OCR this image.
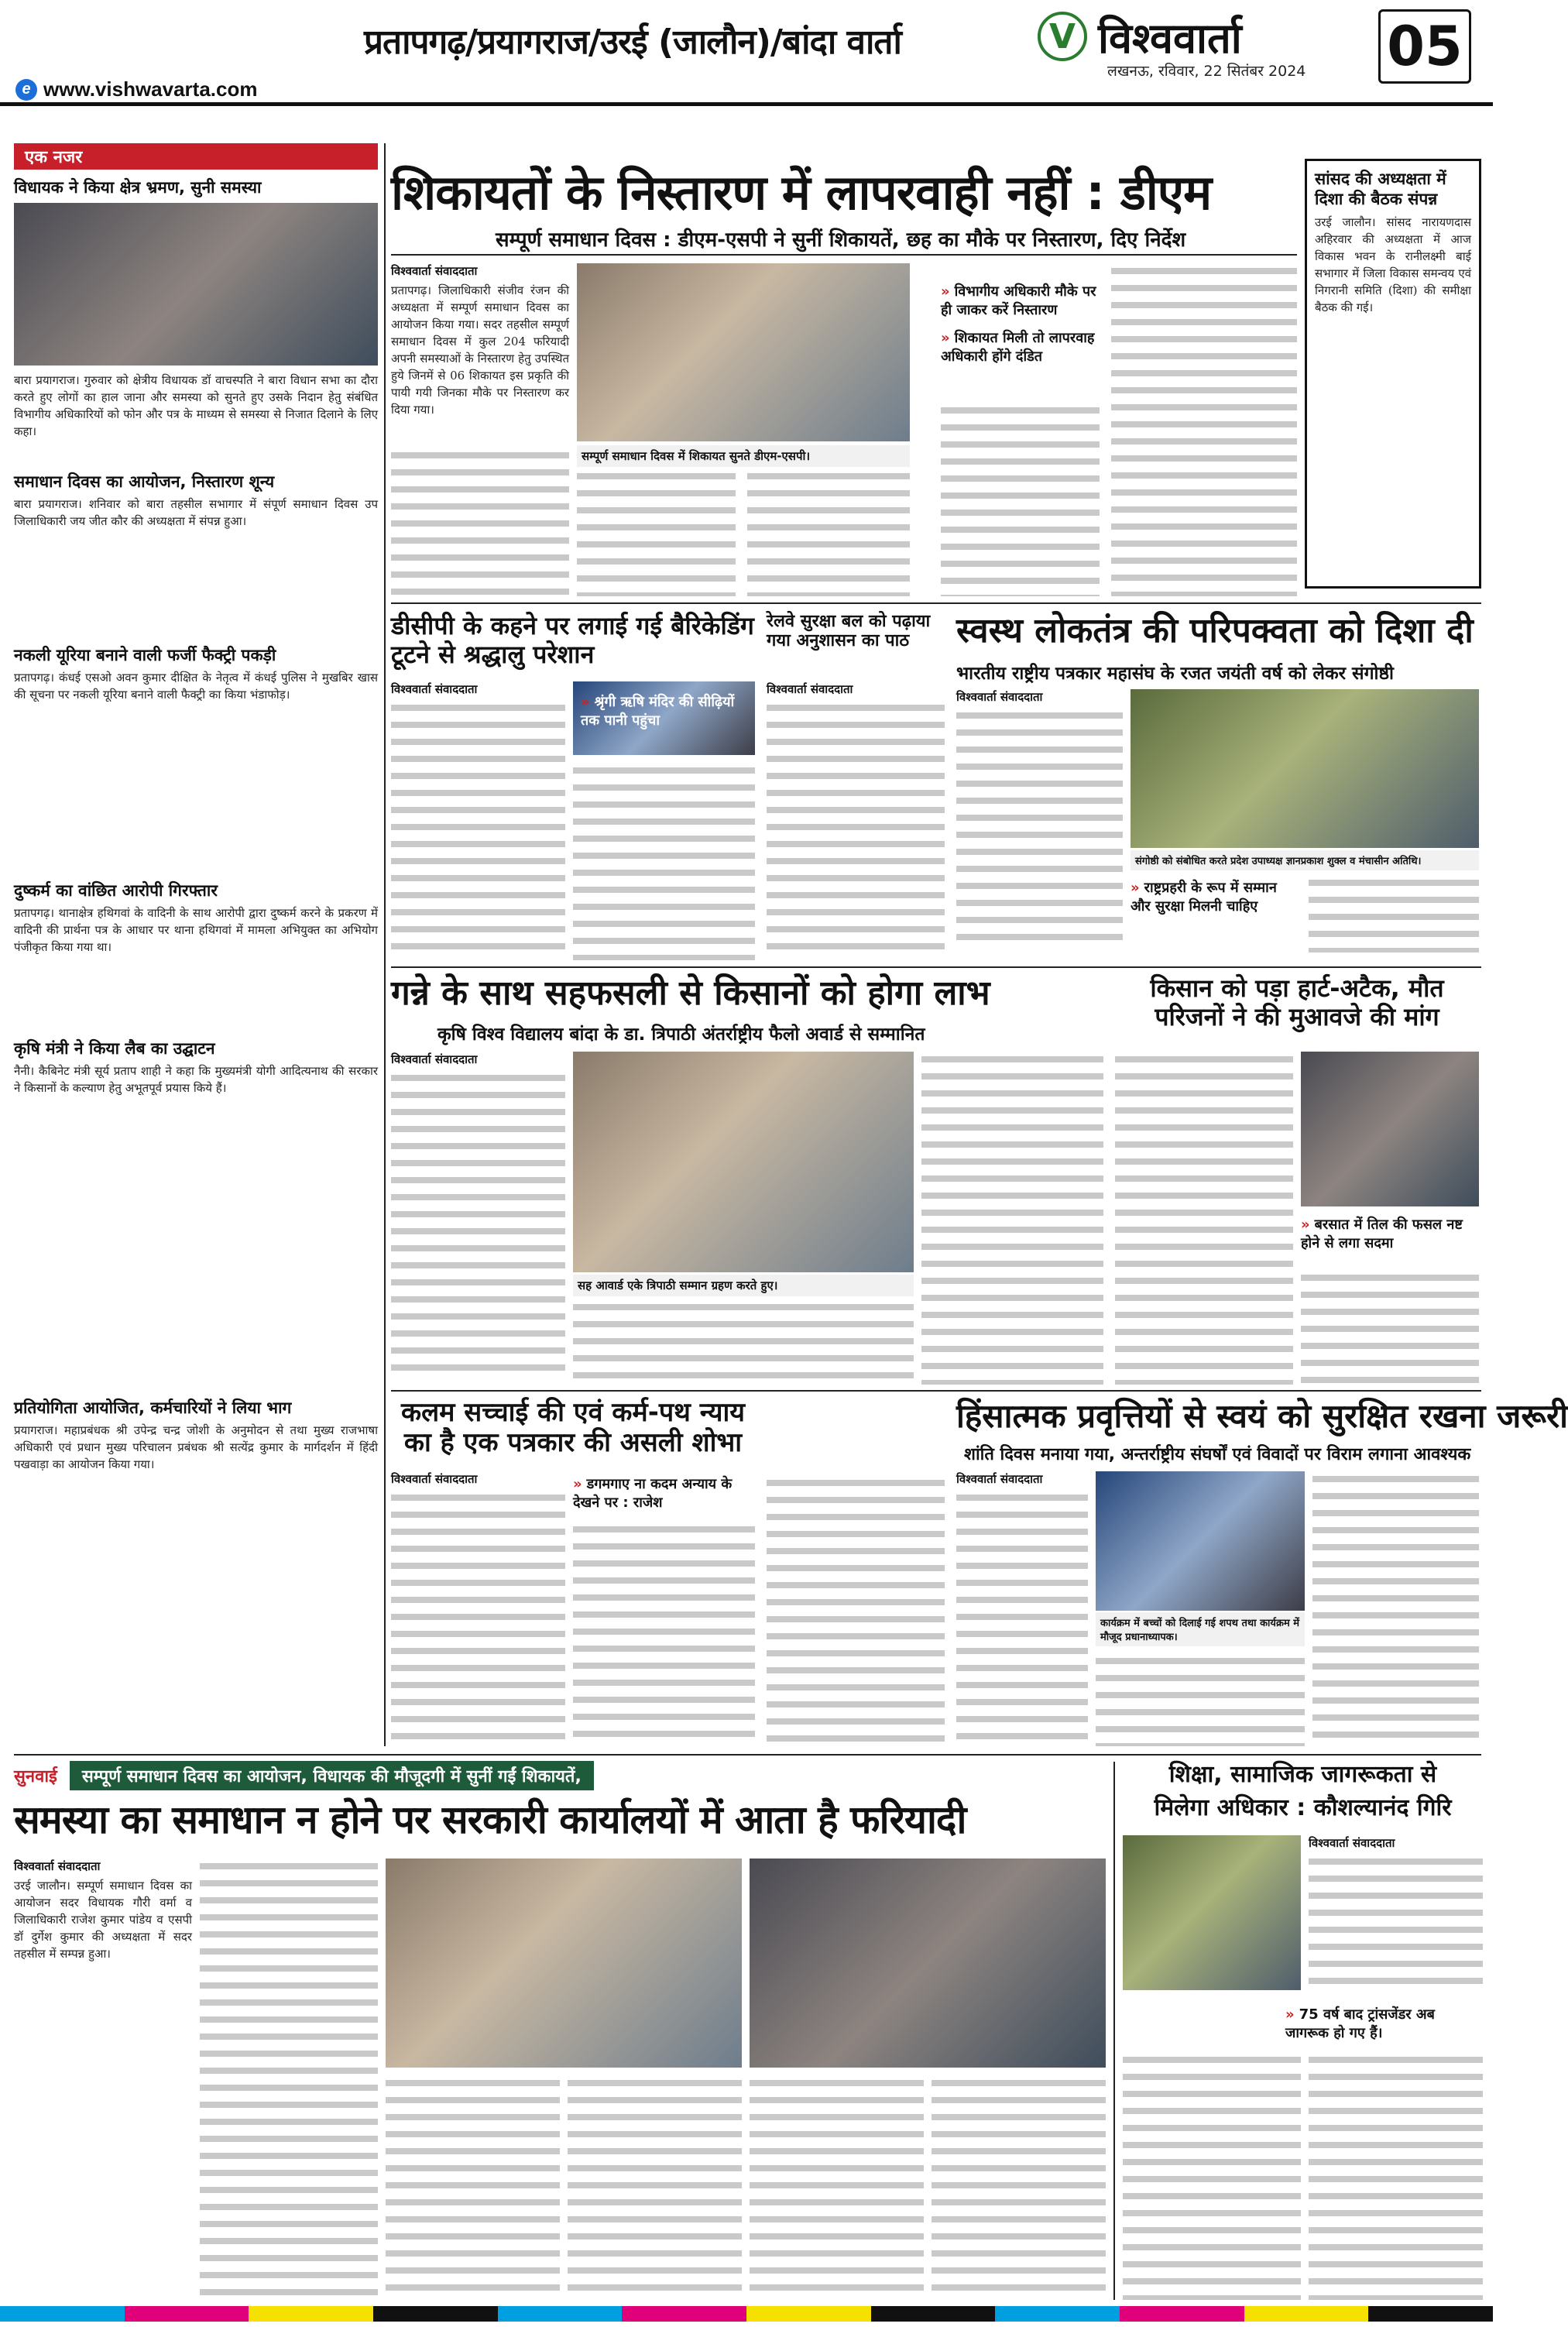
प्रतापगढ़/प्रयागराज/उरई (जालौन)/बांदा वार्ता
e www.vishwavarta.com
V विश्ववार्ता
लखनऊ, रविवार, 22 सितंबर 2024 05
एक नजर
विधायक ने किया क्षेत्र भ्रमण, सुनी समस्या
बारा प्रयागराज। गुरुवार को क्षेत्रीय विधायक डॉ वाचस्पति ने बारा विधान सभा का दौरा करते हुए लोगों का हाल जाना और समस्या को सुनते हुए उसके निदान हेतु संबंधित विभागीय अधिकारियों को फोन और पत्र के माध्यम से समस्या से निजात दिलाने के लिए कहा।
समाधान दिवस का आयोजन, निस्तारण शून्य
बारा प्रयागराज। शनिवार को बारा तहसील सभागार में संपूर्ण समाधान दिवस उप जिलाधिकारी जय जीत कौर की अध्यक्षता में संपन्न हुआ।
नकली यूरिया बनाने वाली फर्जी फैक्ट्री पकड़ी
प्रतापगढ़। कंधई एसओ अवन कुमार दीक्षित के नेतृत्व में कंधई पुलिस ने मुखबिर खास की सूचना पर नकली यूरिया बनाने वाली फैक्ट्री का किया भंडाफोड़।
दुष्कर्म का वांछित आरोपी गिरफ्तार
प्रतापगढ़। थानाक्षेत्र हथिगवां के वादिनी के साथ आरोपी द्वारा दुष्कर्म करने के प्रकरण में वादिनी की प्रार्थना पत्र के आधार पर थाना हथिगवां में मामला अभियुक्त का अभियोग पंजीकृत किया गया था।
कृषि मंत्री ने किया लैब का उद्घाटन
नैनी। कैबिनेट मंत्री सूर्य प्रताप शाही ने कहा कि मुख्यमंत्री योगी आदित्यनाथ की सरकार ने किसानों के कल्याण हेतु अभूतपूर्व प्रयास किये हैं।
प्रतियोगिता आयोजित, कर्मचारियों ने लिया भाग
प्रयागराज। महाप्रबंधक श्री उपेन्द्र चन्द्र जोशी के अनुमोदन से तथा मुख्य राजभाषा अधिकारी एवं प्रधान मुख्य परिचालन प्रबंधक श्री सत्येंद्र कुमार के मार्गदर्शन में हिंदी पखवाड़ा का आयोजन किया गया।
शिकायतों के निस्तारण में लापरवाही नहीं : डीएम
सम्पूर्ण समाधान दिवस : डीएम-एसपी ने सुनीं शिकायतें, छह का मौके पर निस्तारण, दिए निर्देश
विश्ववार्ता संवाददाता
प्रतापगढ़। जिलाधिकारी संजीव रंजन की अध्यक्षता में सम्पूर्ण समाधान दिवस का आयोजन किया गया। सदर तहसील सम्पूर्ण समाधान दिवस में कुल 204 फरियादी अपनी समस्याओं के निस्तारण हेतु उपस्थित हुये जिनमें से 06 शिकायत इस प्रकृति की पायी गयी जिनका मौके पर निस्तारण कर दिया गया।
» विभागीय अधिकारी मौके पर ही जाकर करें निस्तारण
» शिकायत मिली तो लापरवाह अधिकारी होंगे दंडित
सम्पूर्ण समाधान दिवस में शिकायत सुनते डीएम-एसपी।
सांसद की अध्यक्षता में दिशा की बैठक संपन्न
उरई जालौन। सांसद नारायणदास अहिरवार की अध्यक्षता में आज विकास भवन के रानीलक्ष्मी बाई सभागार में जिला विकास समन्वय एवं निगरानी समिति (दिशा) की समीक्षा बैठक की गई।
डीसीपी के कहने पर लगाई गई बैरिकेडिंग टूटने से श्रद्धालु परेशान
विश्ववार्ता संवाददाता
» श्रृंगी ऋषि मंदिर की सीढ़ियों तक पानी पहुंचा
रेलवे सुरक्षा बल को पढ़ाया गया अनुशासन का पाठ
विश्ववार्ता संवाददाता
स्वस्थ लोकतंत्र की परिपक्वता को दिशा दी
भारतीय राष्ट्रीय पत्रकार महासंघ के रजत जयंती वर्ष को लेकर संगोष्ठी
विश्ववार्ता संवाददाता
संगोष्ठी को संबोधित करते प्रदेश उपाध्यक्ष ज्ञानप्रकाश शुक्ल व मंचासीन अतिथि।
» राष्ट्रप्रहरी के रूप में सम्मान और सुरक्षा मिलनी चाहिए
गन्ने के साथ सहफसली से किसानों को होगा लाभ
कृषि विश्व विद्यालय बांदा के डा. त्रिपाठी अंतर्राष्ट्रीय फैलो अवार्ड से सम्मानित
विश्ववार्ता संवाददाता
सह आवार्ड एके त्रिपाठी सम्मान ग्रहण करते हुए।
किसान को पड़ा हार्ट-अटैक, मौत परिजनों ने की मुआवजे की मांग
» बरसात में तिल की फसल नष्ट होने से लगा सदमा
कलम सच्चाई की एवं कर्म-पथ न्याय का है एक पत्रकार की असली शोभा
विश्ववार्ता संवाददाता
»	डगमगाए ना कदम अन्याय के देखने पर : राजेश
हिंसात्मक प्रवृत्तियों से स्वयं को सुरक्षित रखना जरूरी
शांति दिवस मनाया गया, अन्तर्राष्ट्रीय संघर्षों एवं विवादों पर विराम लगाना आवश्यक
विश्ववार्ता संवाददाता
कार्यक्रम में बच्चों को दिलाई गई शपथ तथा कार्यक्रम में मौजूद प्रधानाध्यापक।
सुनवाई	सम्पूर्ण समाधान दिवस का आयोजन, विधायक की मौजूदगी में सुनीं गईं शिकायतें,
समस्या का समाधान न होने पर सरकारी कार्यालयों में आता है फरियादी
विश्ववार्ता संवाददाता
उरई जालौन। सम्पूर्ण समाधान दिवस का आयोजन सदर विधायक गौरी वर्मा व जिलाधिकारी राजेश कुमार पांडेय व एसपी डॉ दुर्गेश कुमार की अध्यक्षता में सदर तहसील में सम्पन्न हुआ।
शिक्षा, सामाजिक जागरूकता से
मिलेगा अधिकार : कौशल्यानंद गिरि
विश्ववार्ता संवाददाता
» 75 वर्ष बाद ट्रांसजेंडर अब जागरूक हो गए हैं।
